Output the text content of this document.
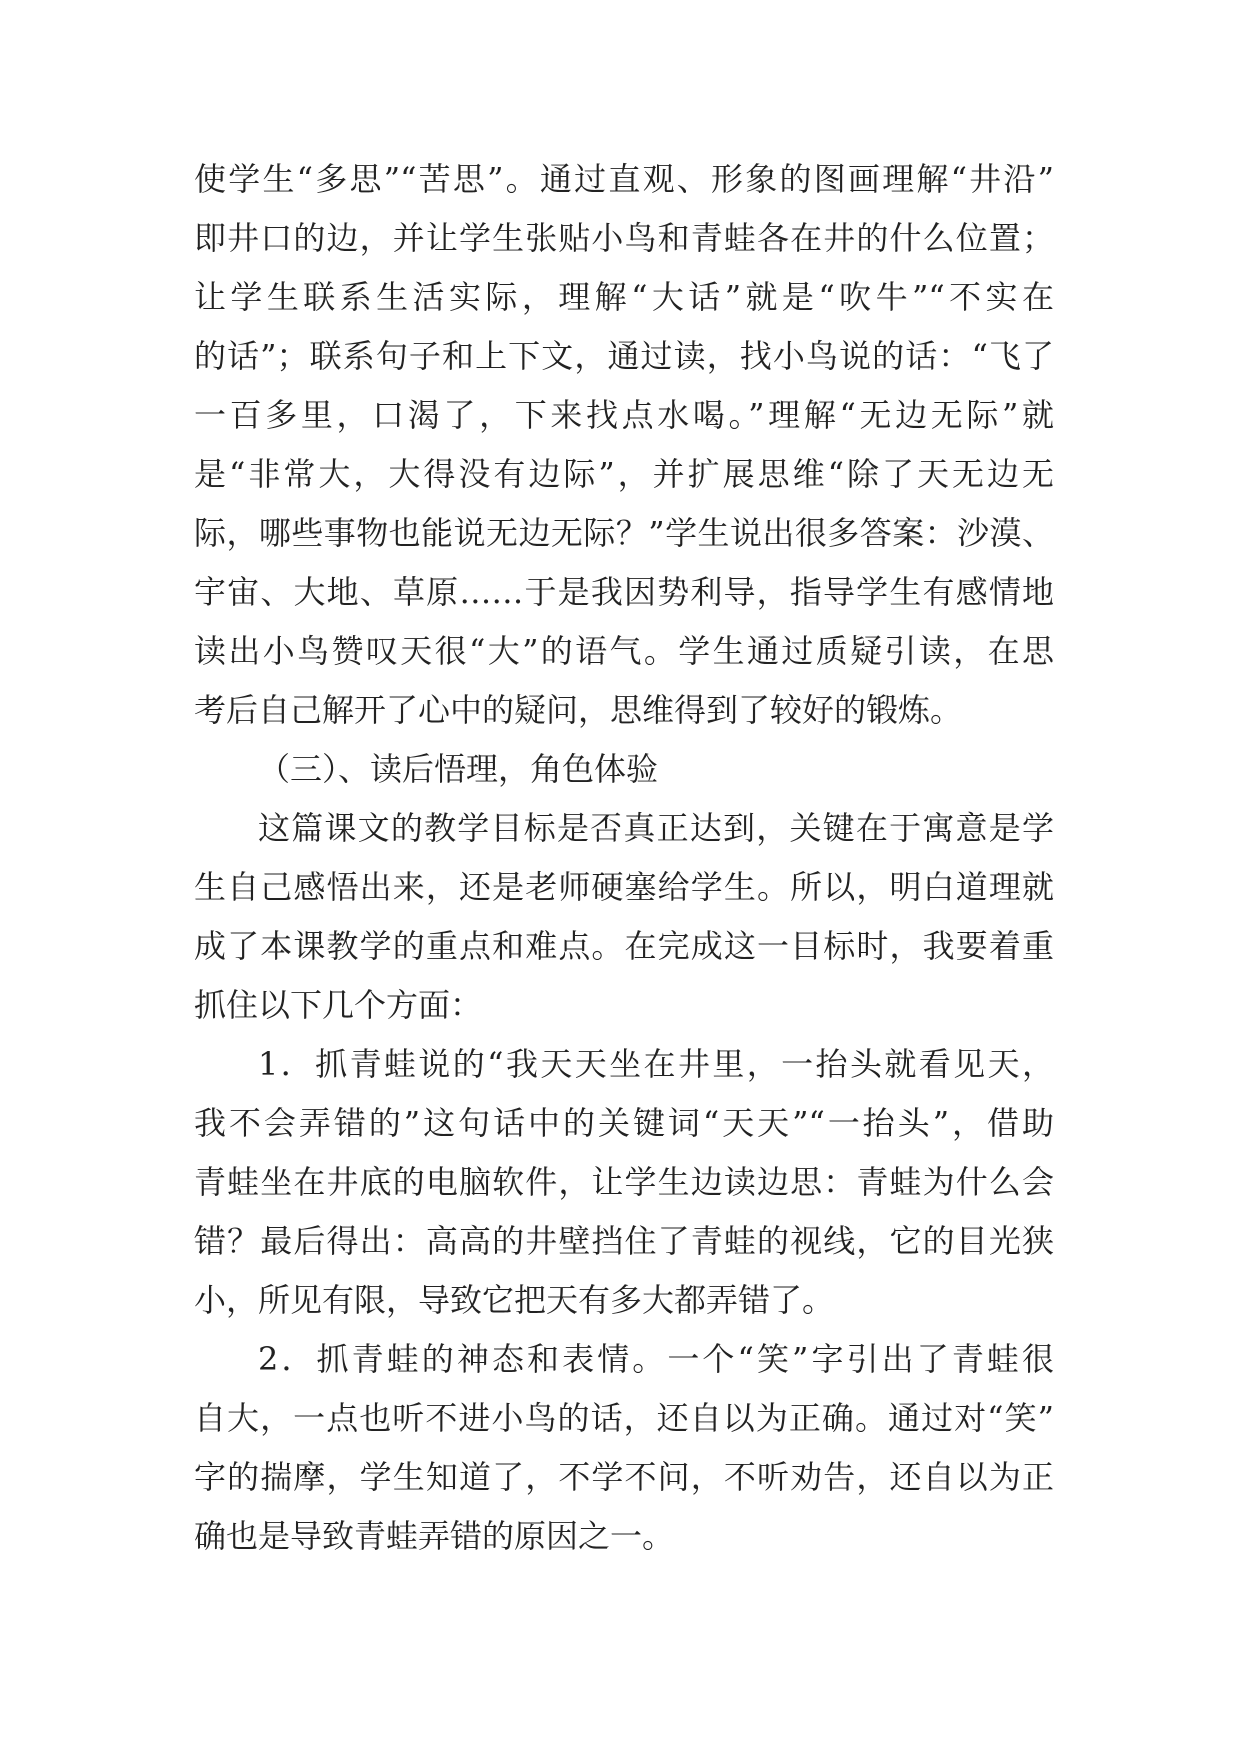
使学生“多思”“苦思”。通过直观、形象的图画理解“井沿”
即井口的边，并让学生张贴小鸟和青蛙各在井的什么位置；
让学生联系生活实际，理解“大话”就是“吹牛”“不实在
的话”；联系句子和上下文，通过读，找小鸟说的话：“飞了
一百多里，口渴了，下来找点水喝。”理解“无边无际”就
是“非常大，大得没有边际”，并扩展思维“除了天无边无
际，哪些事物也能说无边无际？”学生说出很多答案：沙漠、
宇宙、大地、草原……于是我因势利导，指导学生有感情地
读出小鸟赞叹天很“大”的语气。学生通过质疑引读，在思
考后自己解开了心中的疑问，思维得到了较好的锻炼。
（三）、读后悟理，角色体验
这篇课文的教学目标是否真正达到，关键在于寓意是学
生自己感悟出来，还是老师硬塞给学生。所以，明白道理就
成了本课教学的重点和难点。在完成这一目标时，我要着重
抓住以下几个方面：
1．抓青蛙说的“我天天坐在井里，一抬头就看见天，
我不会弄错的”这句话中的关键词“天天”“一抬头”，借助
青蛙坐在井底的电脑软件，让学生边读边思：青蛙为什么会
错？最后得出：高高的井壁挡住了青蛙的视线，它的目光狭
小，所见有限，导致它把天有多大都弄错了。
2．抓青蛙的神态和表情。一个“笑”字引出了青蛙很
自大，一点也听不进小鸟的话，还自以为正确。通过对“笑”
字的揣摩，学生知道了，不学不问，不听劝告，还自以为正
确也是导致青蛙弄错的原因之一。
